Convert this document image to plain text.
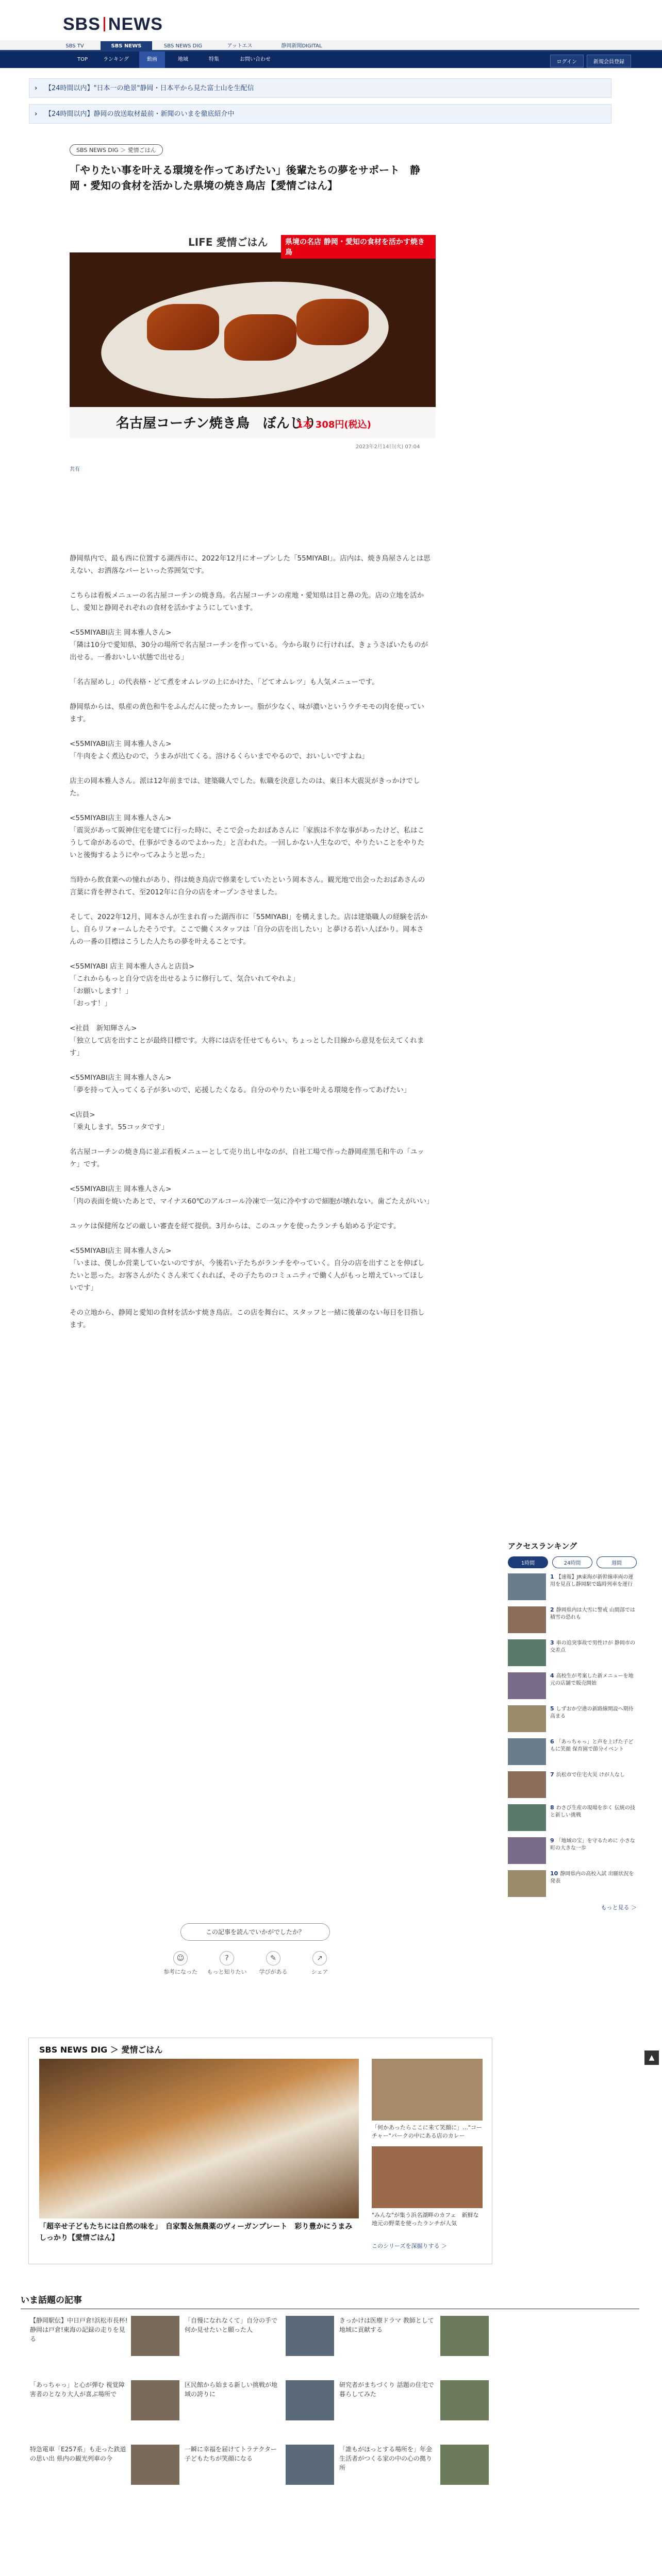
SBS NEWS
SBS TV	SBS NEWS	SBS NEWS DIG	アットエス	静岡新聞DIGITAL
TOP	ランキング	動画	地域	特集	お問い合わせ	ログイン	新規会員登録
› 【24時間以内】"日本一の絶景"静岡・日本平から見た富士山を生配信
› 【24時間以内】静岡の放送取材最前・新聞のいまを徹底紹介中
SBS NEWS DIG ＞ 愛情ごはん
「やりたい事を叶える環境を作ってあげたい」後輩たちの夢をサポート　静岡・愛知の食材を活かした県境の焼き鳥店【愛情ごはん】
LIFE 愛情ごはん	県境の名店 静岡・愛知の食材を活かす焼き鳥
名古屋コーチン焼き鳥　ぼんじり
1本 308円(税込)
2023年2月14日(火) 07:04
共有

静岡県内で、最も西に位置する湖西市に、2022年12月にオープンした「55MIYABI」。店内は、焼き鳥屋さんとは思えない、お洒落なバーといった雰囲気です。

こちらは看板メニューの名古屋コーチンの焼き鳥。名古屋コーチンの産地・愛知県は目と鼻の先。店の立地を活かし、愛知と静岡それぞれの食材を活かすようにしています。

<55MIYABI店主 岡本雅人さん>
「隣は10分で愛知県、30分の場所で名古屋コーチンを作っている。今から取りに行ければ、きょうさばいたものが出せる。一番おいしい状態で出せる」

「名古屋めし」の代表格・どて煮をオムレツの上にかけた、「どてオムレツ」も人気メニューです。

静岡県からは、県産の黄色和牛をふんだんに使ったカレー。脂が少なく、味が濃いというウチモモの肉を使っています。

<55MIYABI店主 岡本雅人さん>
「牛肉をよく煮込むので、うまみが出てくる。溶けるくらいまでやるので、おいしいですよね」

店主の岡本雅人さん。派は12年前までは、建築職人でした。転職を決意したのは、東日本大震災がきっかけでした。

<55MIYABI店主 岡本雅人さん>
「震災があって阪神住宅を建てに行った時に、そこで会ったおばあさんに「家族は不幸な事があったけど、私はこうして命があるので、仕事ができるのでよかった」と言われた。一回しかない人生なので、やりたいことをやりたいと後悔するようにやってみようと思った」

当時から飲食業への憧れがあり、得は焼き鳥店で修業をしていたという岡本さん。観光地で出会ったおばあさんの言葉に背を押されて、至2012年に自分の店をオープンさせました。

そして、2022年12月、岡本さんが生まれ育った湖西市に「55MIYABI」を構えました。店は建築職人の経験を活かし、自らリフォームしたそうです。ここで働くスタッフは「自分の店を出したい」と夢ける若い人ばかり。岡本さんの一番の目標はこうした人たちの夢を叶えることです。

<55MIYABI 店主 岡本雅人さんと店員>
「これからもっと自分で店を出せるように修行して、気合いれてやれよ」
「お願いします！」
「おっす！」

<社員　新知輝さん>
「独立して店を出すことが最終目標です。大将には店を任せてもらい、ちょっとした目線から意見を伝えてくれます」

<55MIYABI店主 岡本雅人さん>
「夢を持って入ってくる子が多いので、応援したくなる。自分のやりたい事を叶える環境を作ってあげたい」

<店員>
「乗丸します。55コッタです」

名古屋コーチンの焼き鳥に並ぶ看板メニューとして売り出し中なのが、自社工場で作った静岡産黒毛和牛の「ユッケ」です。

<55MIYABI店主 岡本雅人さん>
「肉の表面を焼いたあとで、マイナス60℃のアルコール冷凍で一気に冷やすので細胞が壊れない。歯ごたえがいい」

ユッケは保健所などの厳しい審査を経て提供。3月からは、このユッケを使ったランチも始める予定です。

<55MIYABI店主 岡本雅人さん>
「いまは、僕しか営業していないのですが、今後若い子たちがランチをやっていく。自分の店を出すことを伸ばしたいと思った。お客さんがたくさん来てくれれば、その子たちのコミュニティで働く人がもっと増えていってほしいです」

その立地から、静岡と愛知の食材を活かす焼き鳥店。この店を舞台に、スタッフと一緒に後輩のない毎日を目指します。

この記事を読んでいかがでしたか？
☺
参考になった
?
もっと知りたい
✎
学びがある
↗
シェア
アクセスランキング
1時間	24時間	週間
1 【速報】JR東海が新幹線車両の運用を見直し静岡駅で臨時列車を運行
2 静岡県内は大雪に警戒 山間部では積雪の恐れも
3 車の追突事故で男性けが 静岡市の交差点
4 高校生が考案した新メニューを地元の店舗で販売開始
5 しずおか空港の新路線開設へ期待高まる
6 「あっちゃっ」と声を上げた子どもに笑顔 保育園で節分イベント
7 浜松市で住宅火災 けが人なし
8 わさび生産の現場を歩く 伝統の技と新しい挑戦
9 「地域の宝」を守るために 小さな町の大きな一歩
10 静岡県内の高校入試 出願状況を発表
もっと見る ＞
▲
SBS NEWS DIG ＞ 愛情ごはん
「超辛せ子どもたちには自然の味を」　自家製＆無農薬のヴィーガンプレート　彩り豊かにうまみしっかり【愛情ごはん】
「何かあったらここに来て笑顔に」…"コーチャー"パークの中にある店のカレー
"みんな"が集う浜名湖畔のカフェ　新鮮な地元の野菜を使ったランチが人気
このシリーズを深掘りする ＞
いま話題の記事
【静岡駅伝】中日戸倉!浜松市長杯!静岡は戸倉!東海の記録の走りを見る
「自慢になれなくて」自分の手で何か見せたいと願った人
きっかけは医療ドラマ 教師として地域に貢献する
「あっちゃっ」と心が弾む 視覚障害者のとなり大人が喜ぶ場所で
区民館から始まる新しい挑戦が地域の誇りに
研究者がまちづくり 話題の住宅で暮らしてみた
特急電車「E257系」も走った鉄道の思い出 県内の観光列車の今
一瞬に幸福を届けてトラテクター 子どもたちが笑顔になる
「誰もがほっとする場所を」年金生活者がつくる家の中の心の拠り所
